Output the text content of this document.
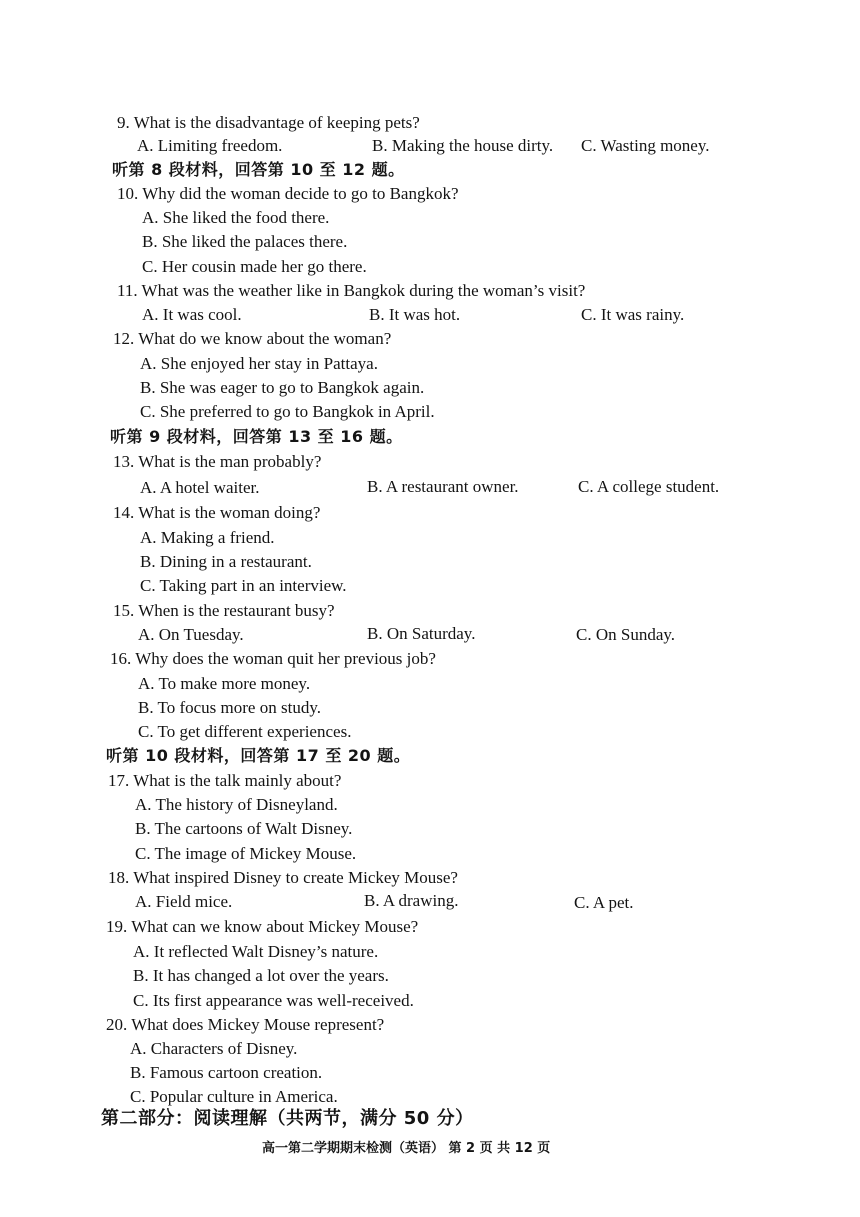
9. What is the disadvantage of keeping pets?
A. Limiting freedom.	B. Making the house dirty. C. Wasting money.
听第 8 段材料，回答第 10 至 12 题。
10. Why did the woman decide to go to Bangkok?
A. She liked the food there.
B. She liked the palaces there.
C. Her cousin made her go there.
11. What was the weather like in Bangkok during the woman’s visit?
A. It was cool.	B. It was hot.	C. It was rainy.
12. What do we know about the woman?
A. She enjoyed her stay in Pattaya.
B. She was eager to go to Bangkok again.
C. She preferred to go to Bangkok in April.
听第 9 段材料，回答第 13 至 16 题。
13. What is the man probably?
A. A hotel waiter.	B. A restaurant owner.	C. A college student.
14. What is the woman doing?
A. Making a friend.
B. Dining in a restaurant.
C. Taking part in an interview.
15. When is the restaurant busy?
A. On Tuesday.	B. On Saturday.	C. On Sunday.
16. Why does the woman quit her previous job?
A. To make more money.
B. To focus more on study.
C. To get different experiences.
听第 10 段材料，回答第 17 至 20 题。
17. What is the talk mainly about?
A. The history of Disneyland.
B. The cartoons of Walt Disney.
C. The image of Mickey Mouse.
18. What inspired Disney to create Mickey Mouse?
A. Field mice.	B. A drawing.	C. A pet.
19. What can we know about Mickey Mouse?
A. It reflected Walt Disney’s nature.
B. It has changed a lot over the years.
C. Its first appearance was well-received.
20. What does Mickey Mouse represent?
A. Characters of Disney.
B. Famous cartoon creation.
C. Popular culture in America.
第二部分：阅读理解（共两节，满分 50 分）
高一第二学期期末检测（英语） 第 2 页 共 12 页
